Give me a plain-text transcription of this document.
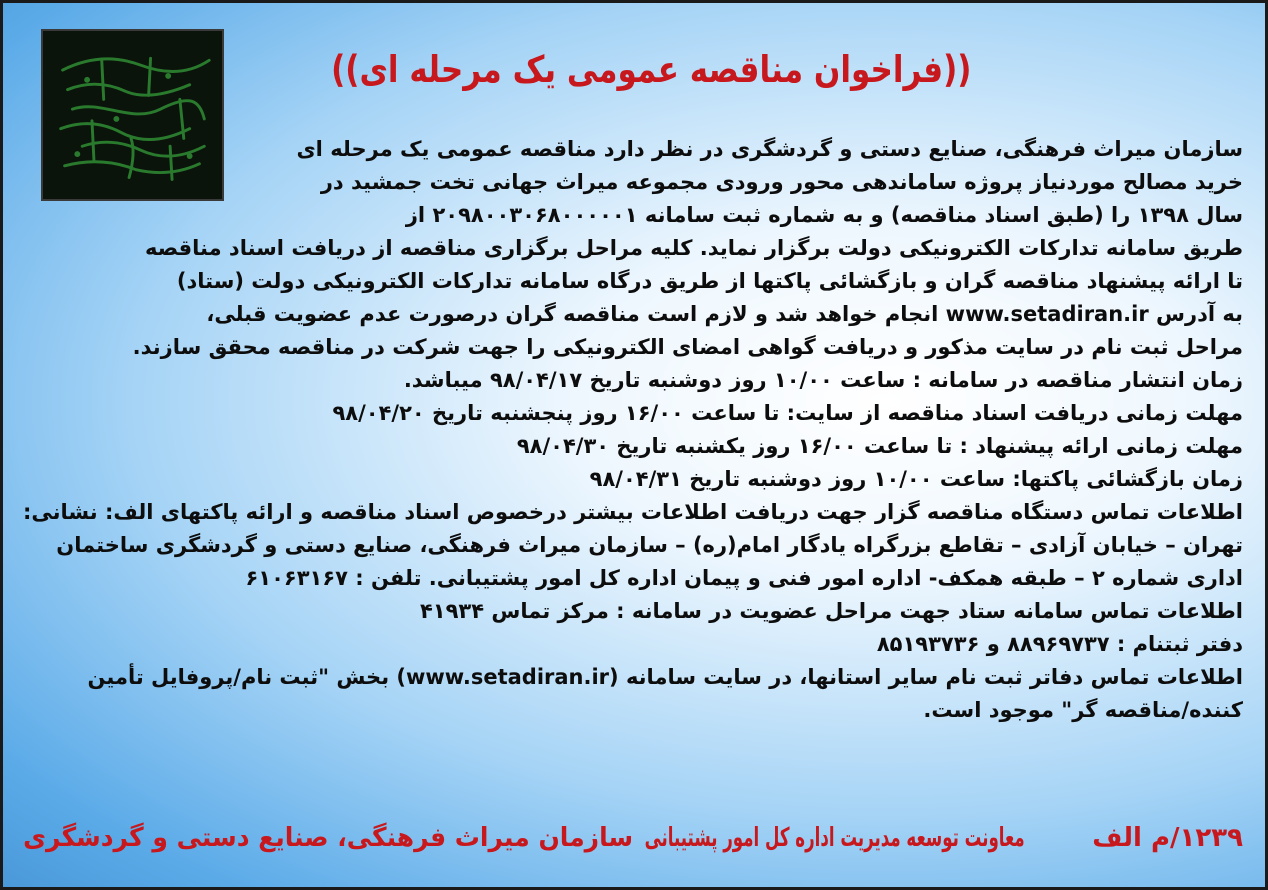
((فراخوان مناقصه عمومی یک مرحله ای))
سازمان میراث فرهنگی، صنایع دستی و گردشگری در نظر دارد مناقصه عمومی یک مرحله ای
خرید مصالح موردنیاز پروژه ساماندهی محور ورودی مجموعه میراث جهانی تخت جمشید در
سال ۱۳۹۸ را (طبق اسناد مناقصه) و به شماره ثبت سامانه ۲۰۹۸۰۰۳۰۶۸۰۰۰۰۰۱ از
طریق سامانه تدارکات الکترونیکی دولت برگزار نماید. کلیه مراحل برگزاری مناقصه از دریافت اسناد مناقصه
تا ارائه پیشنهاد مناقصه گران و بازگشائی پاکتها از طریق درگاه سامانه تدارکات الکترونیکی دولت (ستاد)
به آدرس www.setadiran.ir انجام خواهد شد و لازم است مناقصه گران درصورت عدم عضویت قبلی،
مراحل ثبت نام در سایت مذکور و دریافت گواهی امضای الکترونیکی را جهت شرکت در مناقصه محقق سازند.
زمان انتشار مناقصه در سامانه : ساعت ۱۰/۰۰ روز دوشنبه تاریخ ۹۸/۰۴/۱۷ میباشد.
مهلت زمانی دریافت اسناد مناقصه از سایت: تا ساعت ۱۶/۰۰ روز پنجشنبه تاریخ ۹۸/۰۴/۲۰
مهلت زمانی ارائه پیشنهاد : تا ساعت ۱۶/۰۰ روز یکشنبه تاریخ ۹۸/۰۴/۳۰
زمان بازگشائی پاکتها: ساعت ۱۰/۰۰ روز دوشنبه تاریخ ۹۸/۰۴/۳۱
اطلاعات تماس دستگاه مناقصه گزار جهت دریافت اطلاعات بیشتر درخصوص اسناد مناقصه و ارائه پاکتهای الف: نشانی:
تهران – خیابان آزادی – تقاطع بزرگراه یادگار امام(ره) – سازمان میراث فرهنگی، صنایع دستی و گردشگری ساختمان
اداری شماره ۲ – طبقه همکف- اداره امور فنی و پیمان اداره کل امور پشتیبانی. تلفن : ۶۱۰۶۳۱۶۷
اطلاعات تماس سامانه ستاد جهت مراحل عضویت در سامانه : مرکز تماس ۴۱۹۳۴
دفتر ثبتنام : ۸۸۹۶۹۷۳۷ و ۸۵۱۹۳۷۳۶
اطلاعات تماس دفاتر ثبت نام سایر استانها، در سایت سامانه (www.setadiran.ir) بخش "ثبت نام/پروفایل تأمین
کننده/مناقصه گر" موجود است.
۱۲۳۹/م الف
معاونت توسعه مدیریت اداره کل امور پشتیبانی
سازمان میراث فرهنگی، صنایع دستی و گردشگری
